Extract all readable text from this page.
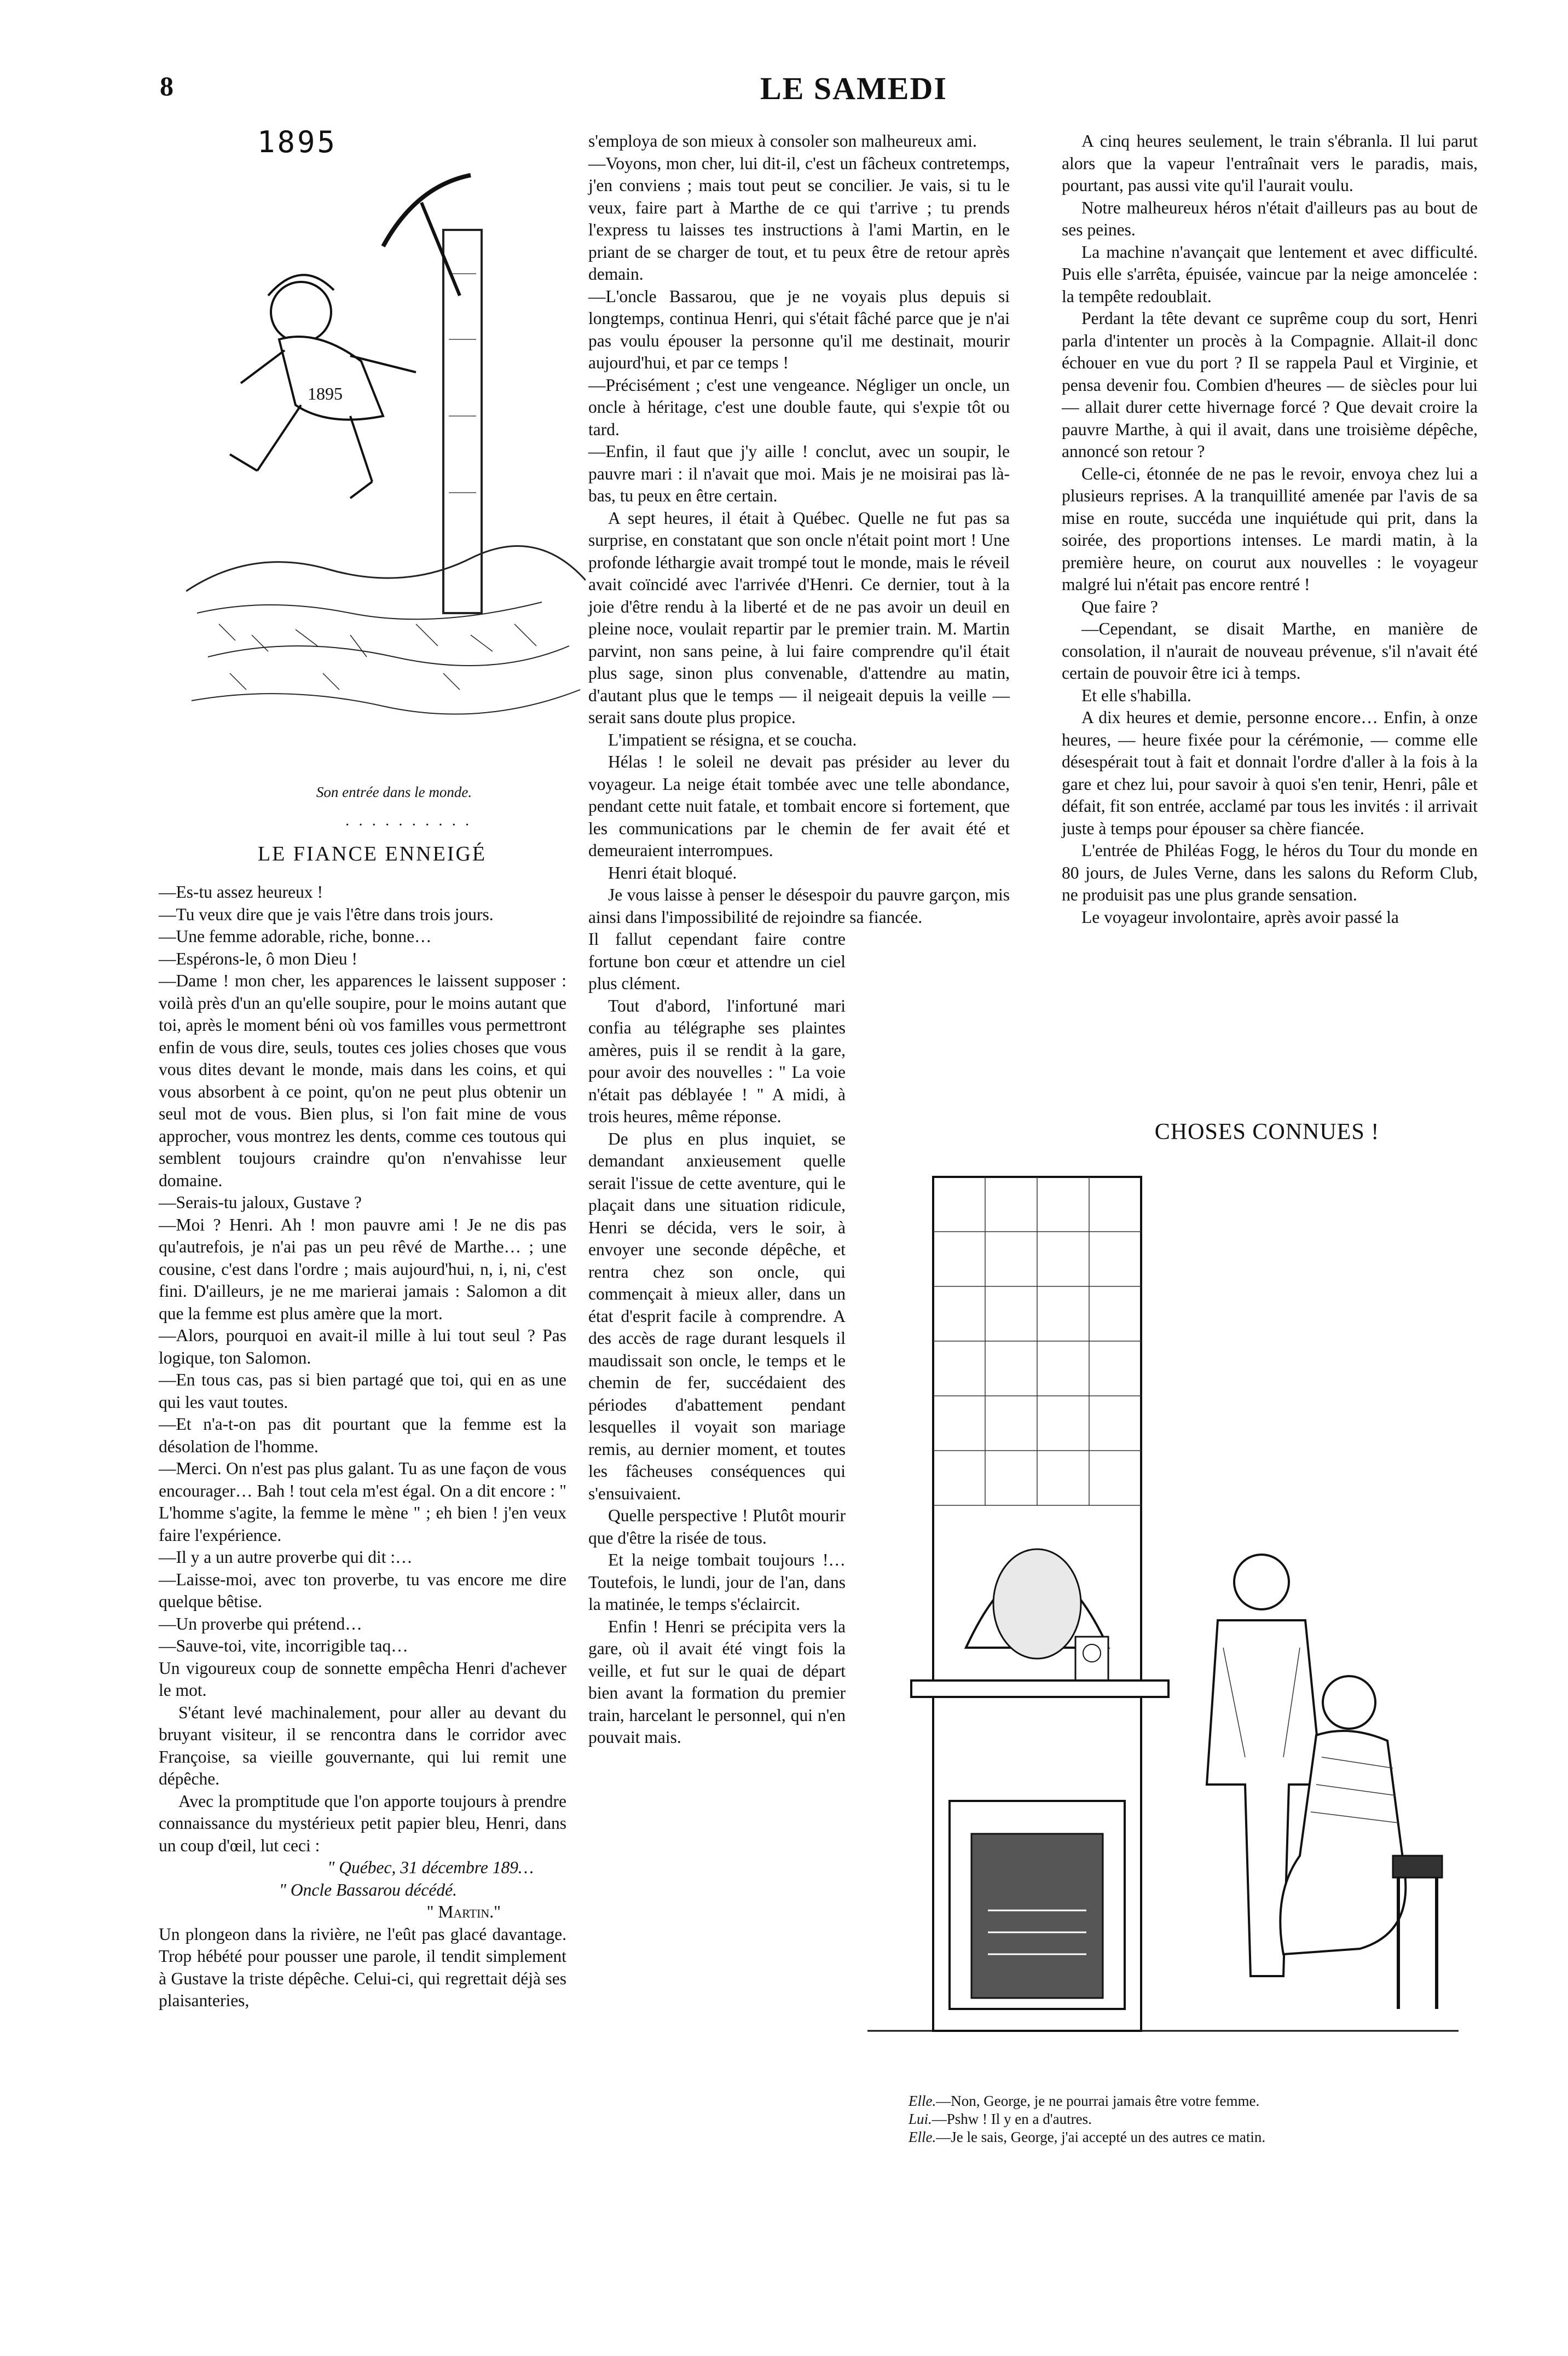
8	LE SAMEDI
1895
1895
Son entrée dans le monde.
· · · · · · · · · ·
LE FIANCE ENNEIGÉ

—Es-tu assez heureux !

—Tu veux dire que je vais l'être dans trois jours.

—Une femme adorable, riche, bonne…

—Espérons-le, ô mon Dieu !

—Dame ! mon cher, les apparences le laissent supposer : voilà près d'un an qu'elle soupire, pour le moins autant que toi, après le moment béni où vos familles vous permettront enfin de vous dire, seuls, toutes ces jolies choses que vous vous dites devant le monde, mais dans les coins, et qui vous absorbent à ce point, qu'on ne peut plus obtenir un seul mot de vous. Bien plus, si l'on fait mine de vous approcher, vous montrez les dents, comme ces toutous qui semblent toujours craindre qu'on n'envahisse leur domaine.

—Serais-tu jaloux, Gustave ?

—Moi ? Henri. Ah ! mon pauvre ami ! Je ne dis pas qu'autrefois, je n'ai pas un peu rêvé de Marthe… ; une cousine, c'est dans l'ordre ; mais aujourd'hui, n, i, ni, c'est fini. D'ailleurs, je ne me marierai jamais : Salomon a dit que la femme est plus amère que la mort.

—Alors, pourquoi en avait-il mille à lui tout seul ? Pas logique, ton Salomon.

—En tous cas, pas si bien partagé que toi, qui en as une qui les vaut toutes.

—Et n'a-t-on pas dit pourtant que la femme est la désolation de l'homme.

—Merci. On n'est pas plus galant. Tu as une façon de vous encourager… Bah ! tout cela m'est égal. On a dit encore : " L'homme s'agite, la femme le mène " ; eh bien ! j'en veux faire l'expérience.

—Il y a un autre proverbe qui dit :…

—Laisse-moi, avec ton proverbe, tu vas encore me dire quelque bêtise.

—Un proverbe qui prétend…

—Sauve-toi, vite, incorrigible taq…

Un vigoureux coup de sonnette empêcha Henri d'achever le mot.

S'étant levé machinalement, pour aller au devant du bruyant visiteur, il se rencontra dans le corridor avec Françoise, sa vieille gouvernante, qui lui remit une dépêche.

Avec la promptitude que l'on apporte toujours à prendre connaissance du mystérieux petit papier bleu, Henri, dans un coup d'œil, lut ceci :

" Québec, 31 décembre 189…

" Oncle Bassarou décédé.

" Martin."

Un plongeon dans la rivière, ne l'eût pas glacé davantage. Trop hébété pour pousser une parole, il tendit simplement à Gustave la triste dépêche. Celui-ci, qui regrettait déjà ses plaisanteries,

s'employa de son mieux à consoler son malheureux ami.

—Voyons, mon cher, lui dit-il, c'est un fâcheux contretemps, j'en conviens ; mais tout peut se concilier. Je vais, si tu le veux, faire part à Marthe de ce qui t'arrive ; tu prends l'express tu laisses tes instructions à l'ami Martin, en le priant de se charger de tout, et tu peux être de retour après demain.

—L'oncle Bassarou, que je ne voyais plus depuis si longtemps, continua Henri, qui s'était fâché parce que je n'ai pas voulu épouser la personne qu'il me destinait, mourir aujourd'hui, et par ce temps !

—Précisément ; c'est une vengeance. Négliger un oncle, un oncle à héritage, c'est une double faute, qui s'expie tôt ou tard.

—Enfin, il faut que j'y aille ! conclut, avec un soupir, le pauvre mari : il n'avait que moi. Mais je ne moisirai pas là-bas, tu peux en être certain.

A sept heures, il était à Québec. Quelle ne fut pas sa surprise, en constatant que son oncle n'était point mort ! Une profonde léthargie avait trompé tout le monde, mais le réveil avait coïncidé avec l'arrivée d'Henri. Ce dernier, tout à la joie d'être rendu à la liberté et de ne pas avoir un deuil en pleine noce, voulait repartir par le premier train. M. Martin parvint, non sans peine, à lui faire comprendre qu'il était plus sage, sinon plus convenable, d'attendre au matin, d'autant plus que le temps — il neigeait depuis la veille — serait sans doute plus propice.

L'impatient se résigna, et se coucha.

Hélas ! le soleil ne devait pas présider au lever du voyageur. La neige était tombée avec une telle abondance, pendant cette nuit fatale, et tombait encore si fortement, que les communications par le chemin de fer avait été et demeuraient interrompues.

Henri était bloqué.

Je vous laisse à penser le désespoir du pauvre garçon, mis ainsi dans l'impossibilité de rejoindre sa fiancée.

Il fallut cependant faire contre fortune bon cœur et attendre un ciel plus clément.

Tout d'abord, l'infortuné mari confia au télégraphe ses plaintes amères, puis il se rendit à la gare, pour avoir des nouvelles : " La voie n'était pas déblayée ! " A midi, à trois heures, même réponse.

De plus en plus inquiet, se demandant anxieusement quelle serait l'issue de cette aventure, qui le plaçait dans une situation ridicule, Henri se décida, vers le soir, à envoyer une seconde dépêche, et rentra chez son oncle, qui commençait à mieux aller, dans un état d'esprit facile à comprendre. A des accès de rage durant lesquels il maudissait son oncle, le temps et le chemin de fer, succédaient des périodes d'abattement pendant lesquelles il voyait son mariage remis, au dernier moment, et toutes les fâcheuses conséquences qui s'ensuivaient.

Quelle perspective ! Plutôt mourir que d'être la risée de tous.

Et la neige tombait toujours !… Toutefois, le lundi, jour de l'an, dans la matinée, le temps s'éclaircit.

Enfin ! Henri se précipita vers la gare, où il avait été vingt fois la veille, et fut sur le quai de départ bien avant la formation du premier train, harcelant le personnel, qui n'en pouvait mais.

A cinq heures seulement, le train s'ébranla. Il lui parut alors que la vapeur l'entraînait vers le paradis, mais, pourtant, pas aussi vite qu'il l'aurait voulu.

Notre malheureux héros n'était d'ailleurs pas au bout de ses peines.

La machine n'avançait que lentement et avec difficulté. Puis elle s'arrêta, épuisée, vaincue par la neige amoncelée : la tempête redoublait.

Perdant la tête devant ce suprême coup du sort, Henri parla d'intenter un procès à la Compagnie. Allait-il donc échouer en vue du port ? Il se rappela Paul et Virginie, et pensa devenir fou. Combien d'heures — de siècles pour lui — allait durer cette hivernage forcé ? Que devait croire la pauvre Marthe, à qui il avait, dans une troisième dépêche, annoncé son retour ?

Celle-ci, étonnée de ne pas le revoir, envoya chez lui a plusieurs reprises. A la tranquillité amenée par l'avis de sa mise en route, succéda une inquiétude qui prit, dans la soirée, des proportions intenses. Le mardi matin, à la première heure, on courut aux nouvelles : le voyageur malgré lui n'était pas encore rentré !

Que faire ?

—Cependant, se disait Marthe, en manière de consolation, il n'aurait de nouveau prévenue, s'il n'avait été certain de pouvoir être ici à temps.

Et elle s'habilla.

A dix heures et demie, personne encore… Enfin, à onze heures, — heure fixée pour la cérémonie, — comme elle désespérait tout à fait et donnait l'ordre d'aller à la fois à la gare et chez lui, pour savoir à quoi s'en tenir, Henri, pâle et défait, fit son entrée, acclamé par tous les invités : il arrivait juste à temps pour épouser sa chère fiancée.

L'entrée de Philéas Fogg, le héros du Tour du monde en 80 jours, de Jules Verne, dans les salons du Reform Club, ne produisit pas une plus grande sensation.

Le voyageur involontaire, après avoir passé la

CHOSES CONNUES !
Elle.—Non, George, je ne pourrai jamais être votre femme.
Lui.—Pshw ! Il y en a d'autres.
Elle.—Je le sais, George, j'ai accepté un des autres ce matin.
